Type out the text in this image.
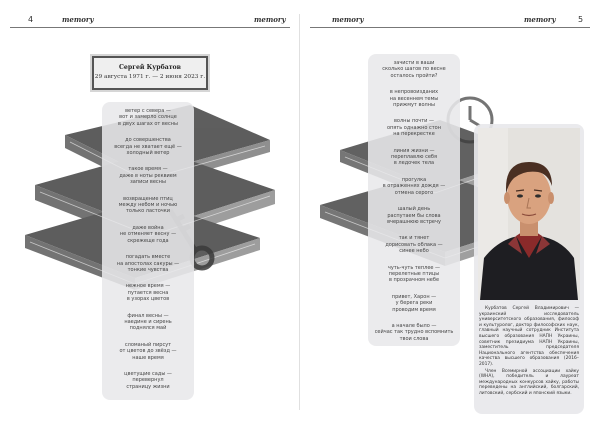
4	memory	memory
Сергей Курбатов
29 августа 1971 г. — 2 июня 2023 г.
ветер с севера —
вот и замерло солнце
в двух шагах от весны
до совершенства
всегда не хватает ещё —
холодный ветер
такое время —
даже в ноты реквием
записи весны
возвращение птиц
между небом и ночью
только ласточки
даже война
не отменяет весну —
скрежеще года
погадать вместе
на апостолах сакуры —
тонкие чувства
нежное время —
путается весна
в узорах цветов
финал весны —
наедине и сирень
поднялся май
сломаный пирсут
от цветов до звёзд —
наше время
цветущие сады —
перевернул
страницу жизни
memory	memory	5
зачисти в ваши
сколько шагов по весне
осталось пройти?
в непровоизданих
на весеннем темы
прижмут волны
волны почти —
опять однажно стон
на перекрестке
линия жизни —
переплавлю себя
в ледочек тела
прогулка
в отраженнях дождя —
отмена серого
шалый день
распутаем бы слова
вчерашнюю встречу
так и тянет
дорисовать облака —
синее небо
чуть-чуть теплее —
перелетные птицы
в прозрачном небе
привет, Харон —
у берега реки
проводим время
а начале было —
сейчас так трудно вспомнить
твои слова

Курбатов Сергей Владимирович — украинский исследователь университетского образования, философ и культуролог, доктор философских наук, главный научный сотрудник Института высшего образования НАПН Украины, советник президиума НАПН Украины, заместитель председателя Национального агентства обеспечения качества высшего образования (2016–2017).

Член Всемирной ассоциации хайку (WHA), победитель и лауреат международных конкурсов хайку, работы переведены на английский, болгарский, литовский, сербский и японский языки.
